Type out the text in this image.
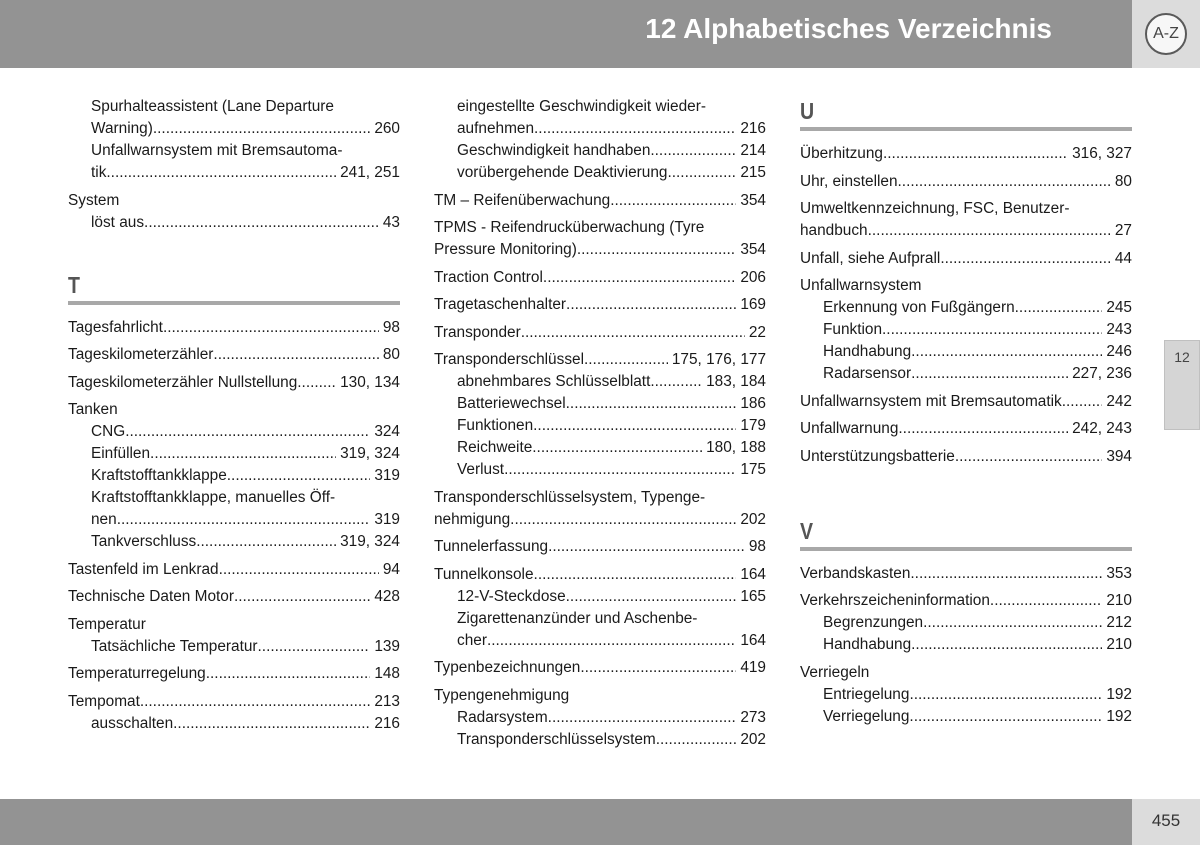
12 Alphabetisches Verzeichnis	A-Z
12
Spurhalteassistent (Lane Departure
Warning) .....	260
Unfallwarnsystem mit Bremsautoma-
tik .....	241, 251
System
löst aus .....	43
T
Tagesfahrlicht .....	98
Tageskilometerzähler .....	80
Tageskilometerzähler Nullstellung .....	130, 134
Tanken
CNG .....	324
Einfüllen .....	319, 324
Kraftstofftankklappe .....	319
Kraftstofftankklappe, manuelles Öff-
nen .....	319
Tankverschluss .....	319, 324
Tastenfeld im Lenkrad .....	94
Technische Daten Motor .....	428
Temperatur
Tatsächliche Temperatur .....	139
Temperaturregelung .....	148
Tempomat .....	213
ausschalten .....	216
eingestellte Geschwindigkeit wieder-
aufnehmen .....	216
Geschwindigkeit handhaben .....	214
vorübergehende Deaktivierung .....	215
TM – Reifenüberwachung .....	354
TPMS - Reifendrucküberwachung (Tyre
Pressure Monitoring) .....	354
Traction Control .....	206
Tragetaschenhalter .....	169
Transponder .....	22
Transponderschlüssel .....	175, 176, 177
abnehmbares Schlüsselblatt .....	183, 184
Batteriewechsel .....	186
Funktionen .....	179
Reichweite .....	180, 188
Verlust .....	175
Transponderschlüsselsystem, Typenge-
nehmigung .....	202
Tunnelerfassung .....	98
Tunnelkonsole .....	164
12-V-Steckdose .....	165
Zigarettenanzünder und Aschenbe-
cher .....	164
Typenbezeichnungen .....	419
Typengenehmigung
Radarsystem .....	273
Transponderschlüsselsystem .....	202
U
Überhitzung .....	316, 327
Uhr, einstellen .....	80
Umweltkennzeichnung, FSC, Benutzer-
handbuch .....	27
Unfall, siehe Aufprall .....	44
Unfallwarnsystem
Erkennung von Fußgängern .....	245
Funktion .....	243
Handhabung .....	246
Radarsensor .....	227, 236
Unfallwarnsystem mit Bremsautomatik .....	242
Unfallwarnung .....	242, 243
Unterstützungsbatterie .....	394
V
Verbandskasten .....	353
Verkehrszeicheninformation .....	210
Begrenzungen .....	212
Handhabung .....	210
Verriegeln
Entriegelung .....	192
Verriegelung .....	192
455
